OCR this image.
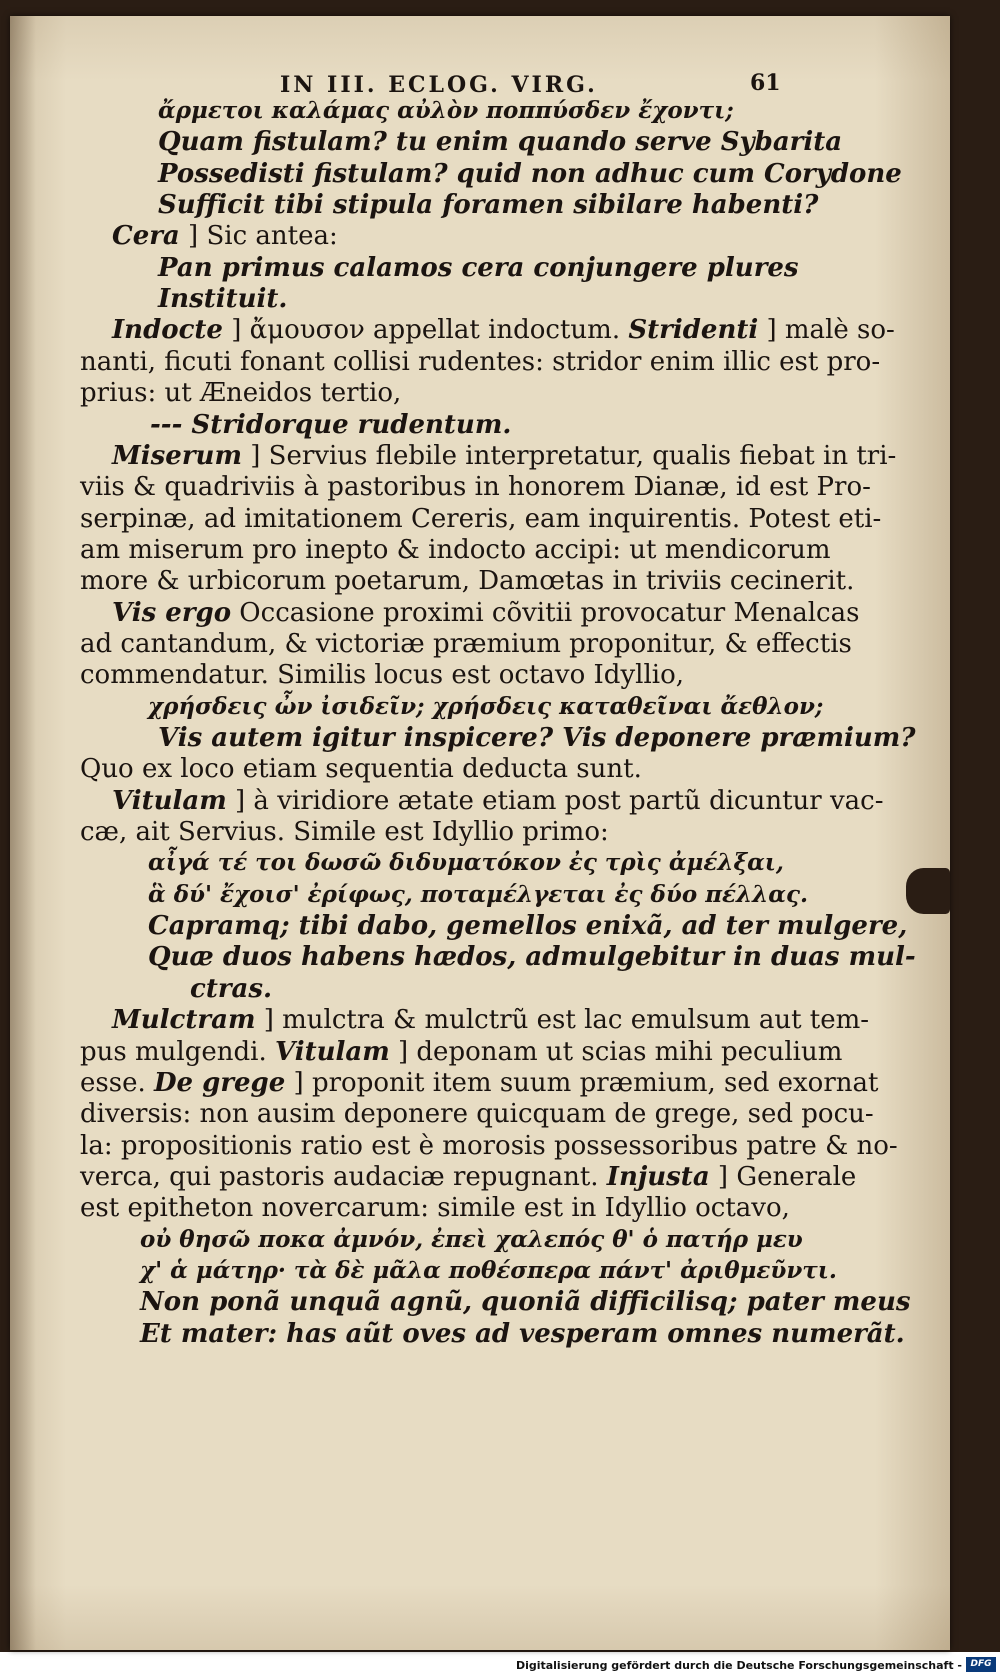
IN III. ECLOG. VIRG.	61
ἄρμετοι καλάμας αὐλὸν ποππύσδεν ἔχοντι;
Quam fistulam? tu enim quando serve Sybarita
Possedisti fistulam? quid non adhuc cum Corydone
Sufficit tibi stipula foramen sibilare habenti?
Cera ] Sic antea:
Pan primus calamos cera conjungere plures
Instituit.
Indocte ] ἄμουσον appellat indoctum. Stridenti ] malè so-
nanti, ficuti fonant collisi rudentes: stridor enim illic est pro-
prius: ut Æneidos tertio,
--- Stridorque rudentum.
Miserum ] Servius flebile interpretatur, qualis fiebat in tri-
viis & quadriviis à pastoribus in honorem Dianæ, id est Pro-
serpinæ, ad imitationem Cereris, eam inquirentis. Potest eti-
am miserum pro inepto & indocto accipi: ut mendicorum
more & urbicorum poetarum, Damœtas in triviis cecinerit.
Vis ergo Occasione proximi cõvitii provocatur Menalcas
ad cantandum, & victoriæ præmium proponitur, & effectis
commendatur. Similis locus est octavo Idyllio,
χρήσδεις ὦν ἰσιδεῖν; χρήσδεις καταθεῖναι ἄεθλον;
Vis autem igitur inspicere? Vis deponere præmium?
Quo ex loco etiam sequentia deducta sunt.
Vitulam ] à viridiore ætate etiam post partũ dicuntur vac-
cæ, ait Servius. Simile est Idyllio primo:
αἶγά τέ τοι δωσῶ διδυματόκον ἐς τρὶς ἀμέλξαι,
ἃ δύ' ἔχοισ' ἐρίφως, ποταμέλγεται ἐς δύο πέλλας.
Capramq; tibi dabo, gemellos enixã, ad ter mulgere,
Quæ duos habens hædos, admulgebitur in duas mul-
ctras.
Mulctram ] mulctra & mulctrũ est lac emulsum aut tem-
pus mulgendi. Vitulam ] deponam ut scias mihi peculium
esse. De grege ] proponit item suum præmium, sed exornat
diversis: non ausim deponere quicquam de grege, sed pocu-
la: propositionis ratio est è morosis possessoribus patre & no-
verca, qui pastoris audaciæ repugnant. Injusta ] Generale
est epitheton novercarum: simile est in Idyllio octavo,
οὐ θησῶ ποκα ἀμνόν, ἐπεὶ χαλεπός θ' ὁ πατήρ μευ
χ' ἁ μάτηρ· τὰ δὲ μᾶλα ποθέσπερα πάντ' ἀριθμεῦντι.
Non ponã unquã agnũ, quoniã difficilisq; pater meus
Et mater: has aũt oves ad vesperam omnes numerãt.
Digitalisierung gefördert durch die Deutsche Forschungsgemeinschaft - DFG
